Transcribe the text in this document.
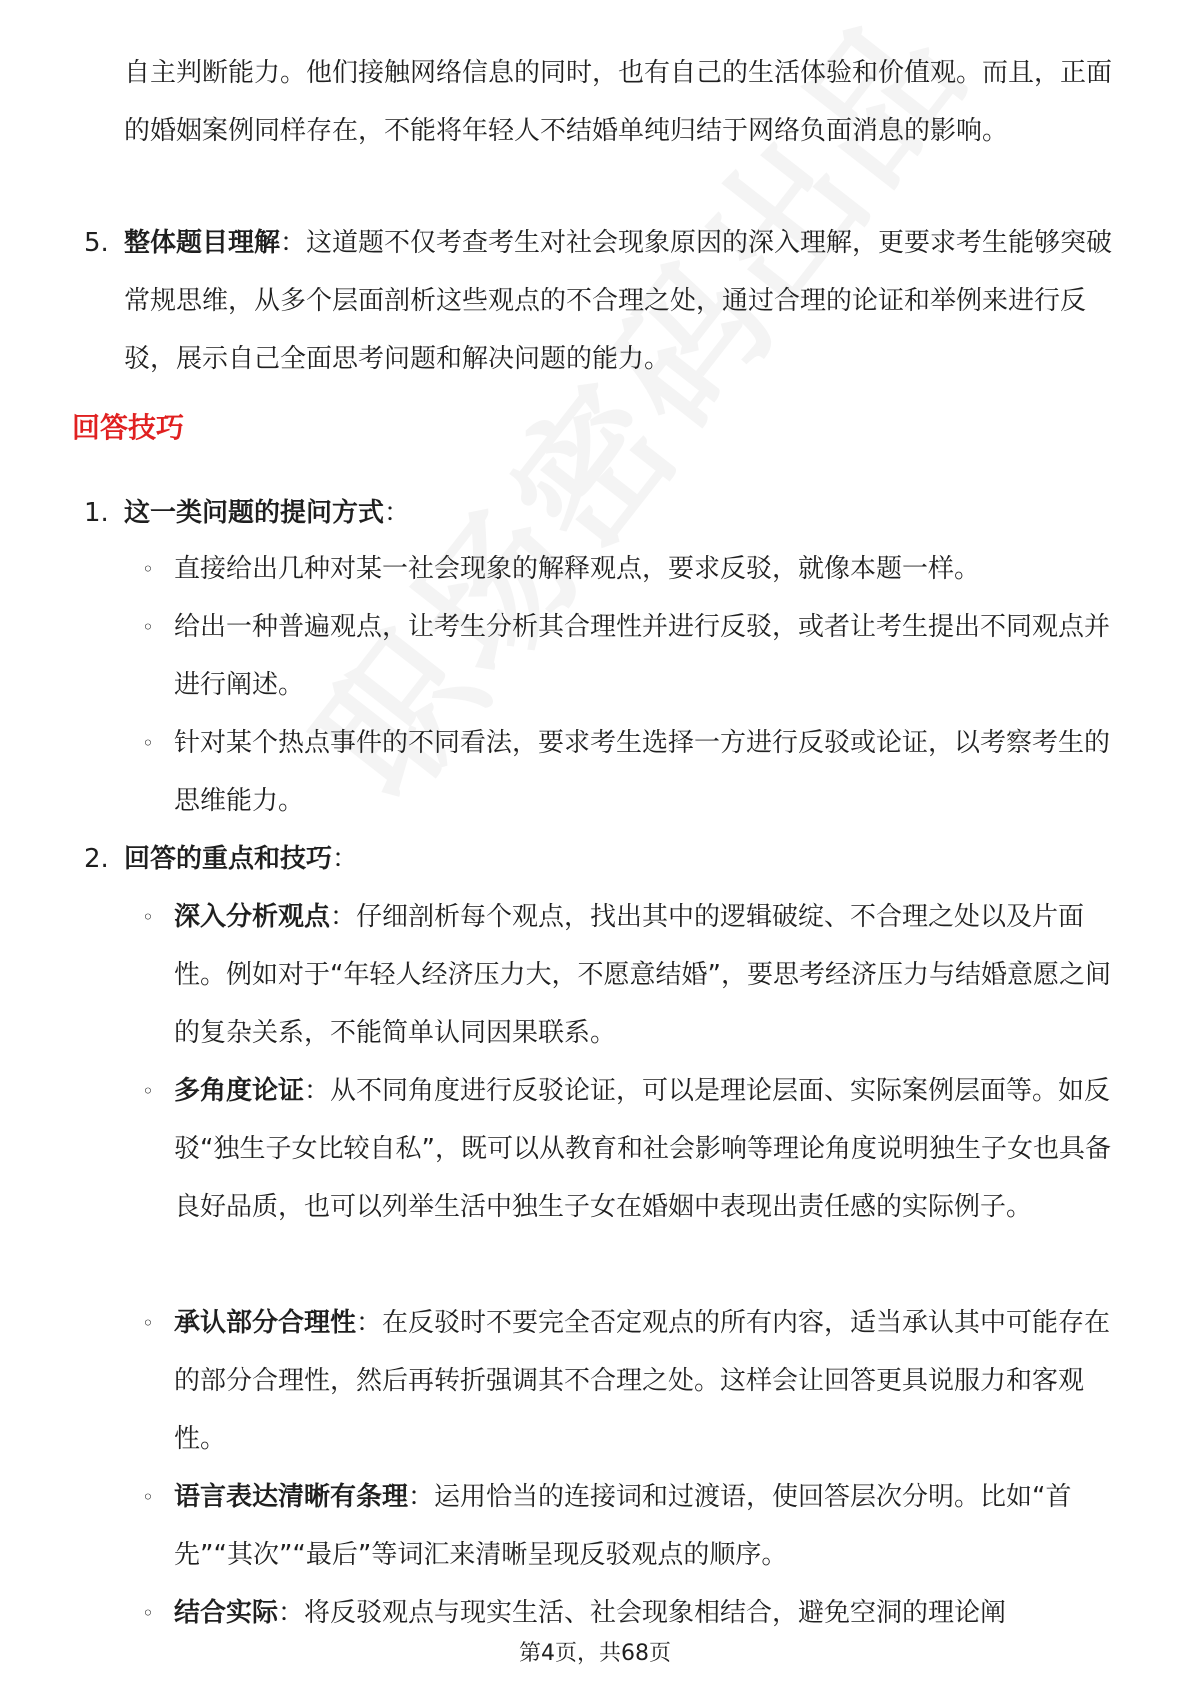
自主判断能力。他们接触网络信息的同时，也有自己的生活体验和价值观。而且，正面的婚姻案例同样存在，不能将年轻人不结婚单纯归结于网络负面消息的影响。
5. 整体题目理解：这道题不仅考查考生对社会现象原因的深入理解，更要求考生能够突破常规思维，从多个层面剖析这些观点的不合理之处，通过合理的论证和举例来进行反驳，展示自己全面思考问题和解决问题的能力。
回答技巧
1. 这一类问题的提问方式：
◦ 直接给出几种对某一社会现象的解释观点，要求反驳，就像本题一样。
◦ 给出一种普遍观点，让考生分析其合理性并进行反驳，或者让考生提出不同观点并进行阐述。
◦ 针对某个热点事件的不同看法，要求考生选择一方进行反驳或论证，以考察考生的思维能力。
2. 回答的重点和技巧：
◦ 深入分析观点：仔细剖析每个观点，找出其中的逻辑破绽、不合理之处以及片面性。例如对于“年轻人经济压力大，不愿意结婚”，要思考经济压力与结婚意愿之间的复杂关系，不能简单认同因果联系。
◦ 多角度论证：从不同角度进行反驳论证，可以是理论层面、实际案例层面等。如反驳“独生子女比较自私”，既可以从教育和社会影响等理论角度说明独生子女也具备良好品质，也可以列举生活中独生子女在婚姻中表现出责任感的实际例子。
◦ 承认部分合理性：在反驳时不要完全否定观点的所有内容，适当承认其中可能存在的部分合理性，然后再转折强调其不合理之处。这样会让回答更具说服力和客观性。
◦ 语言表达清晰有条理：运用恰当的连接词和过渡语，使回答层次分明。比如“首先”“其次”“最后”等词汇来清晰呈现反驳观点的顺序。
◦ 结合实际：将反驳观点与现实生活、社会现象相结合，避免空洞的理论阐
第4页，共68页
